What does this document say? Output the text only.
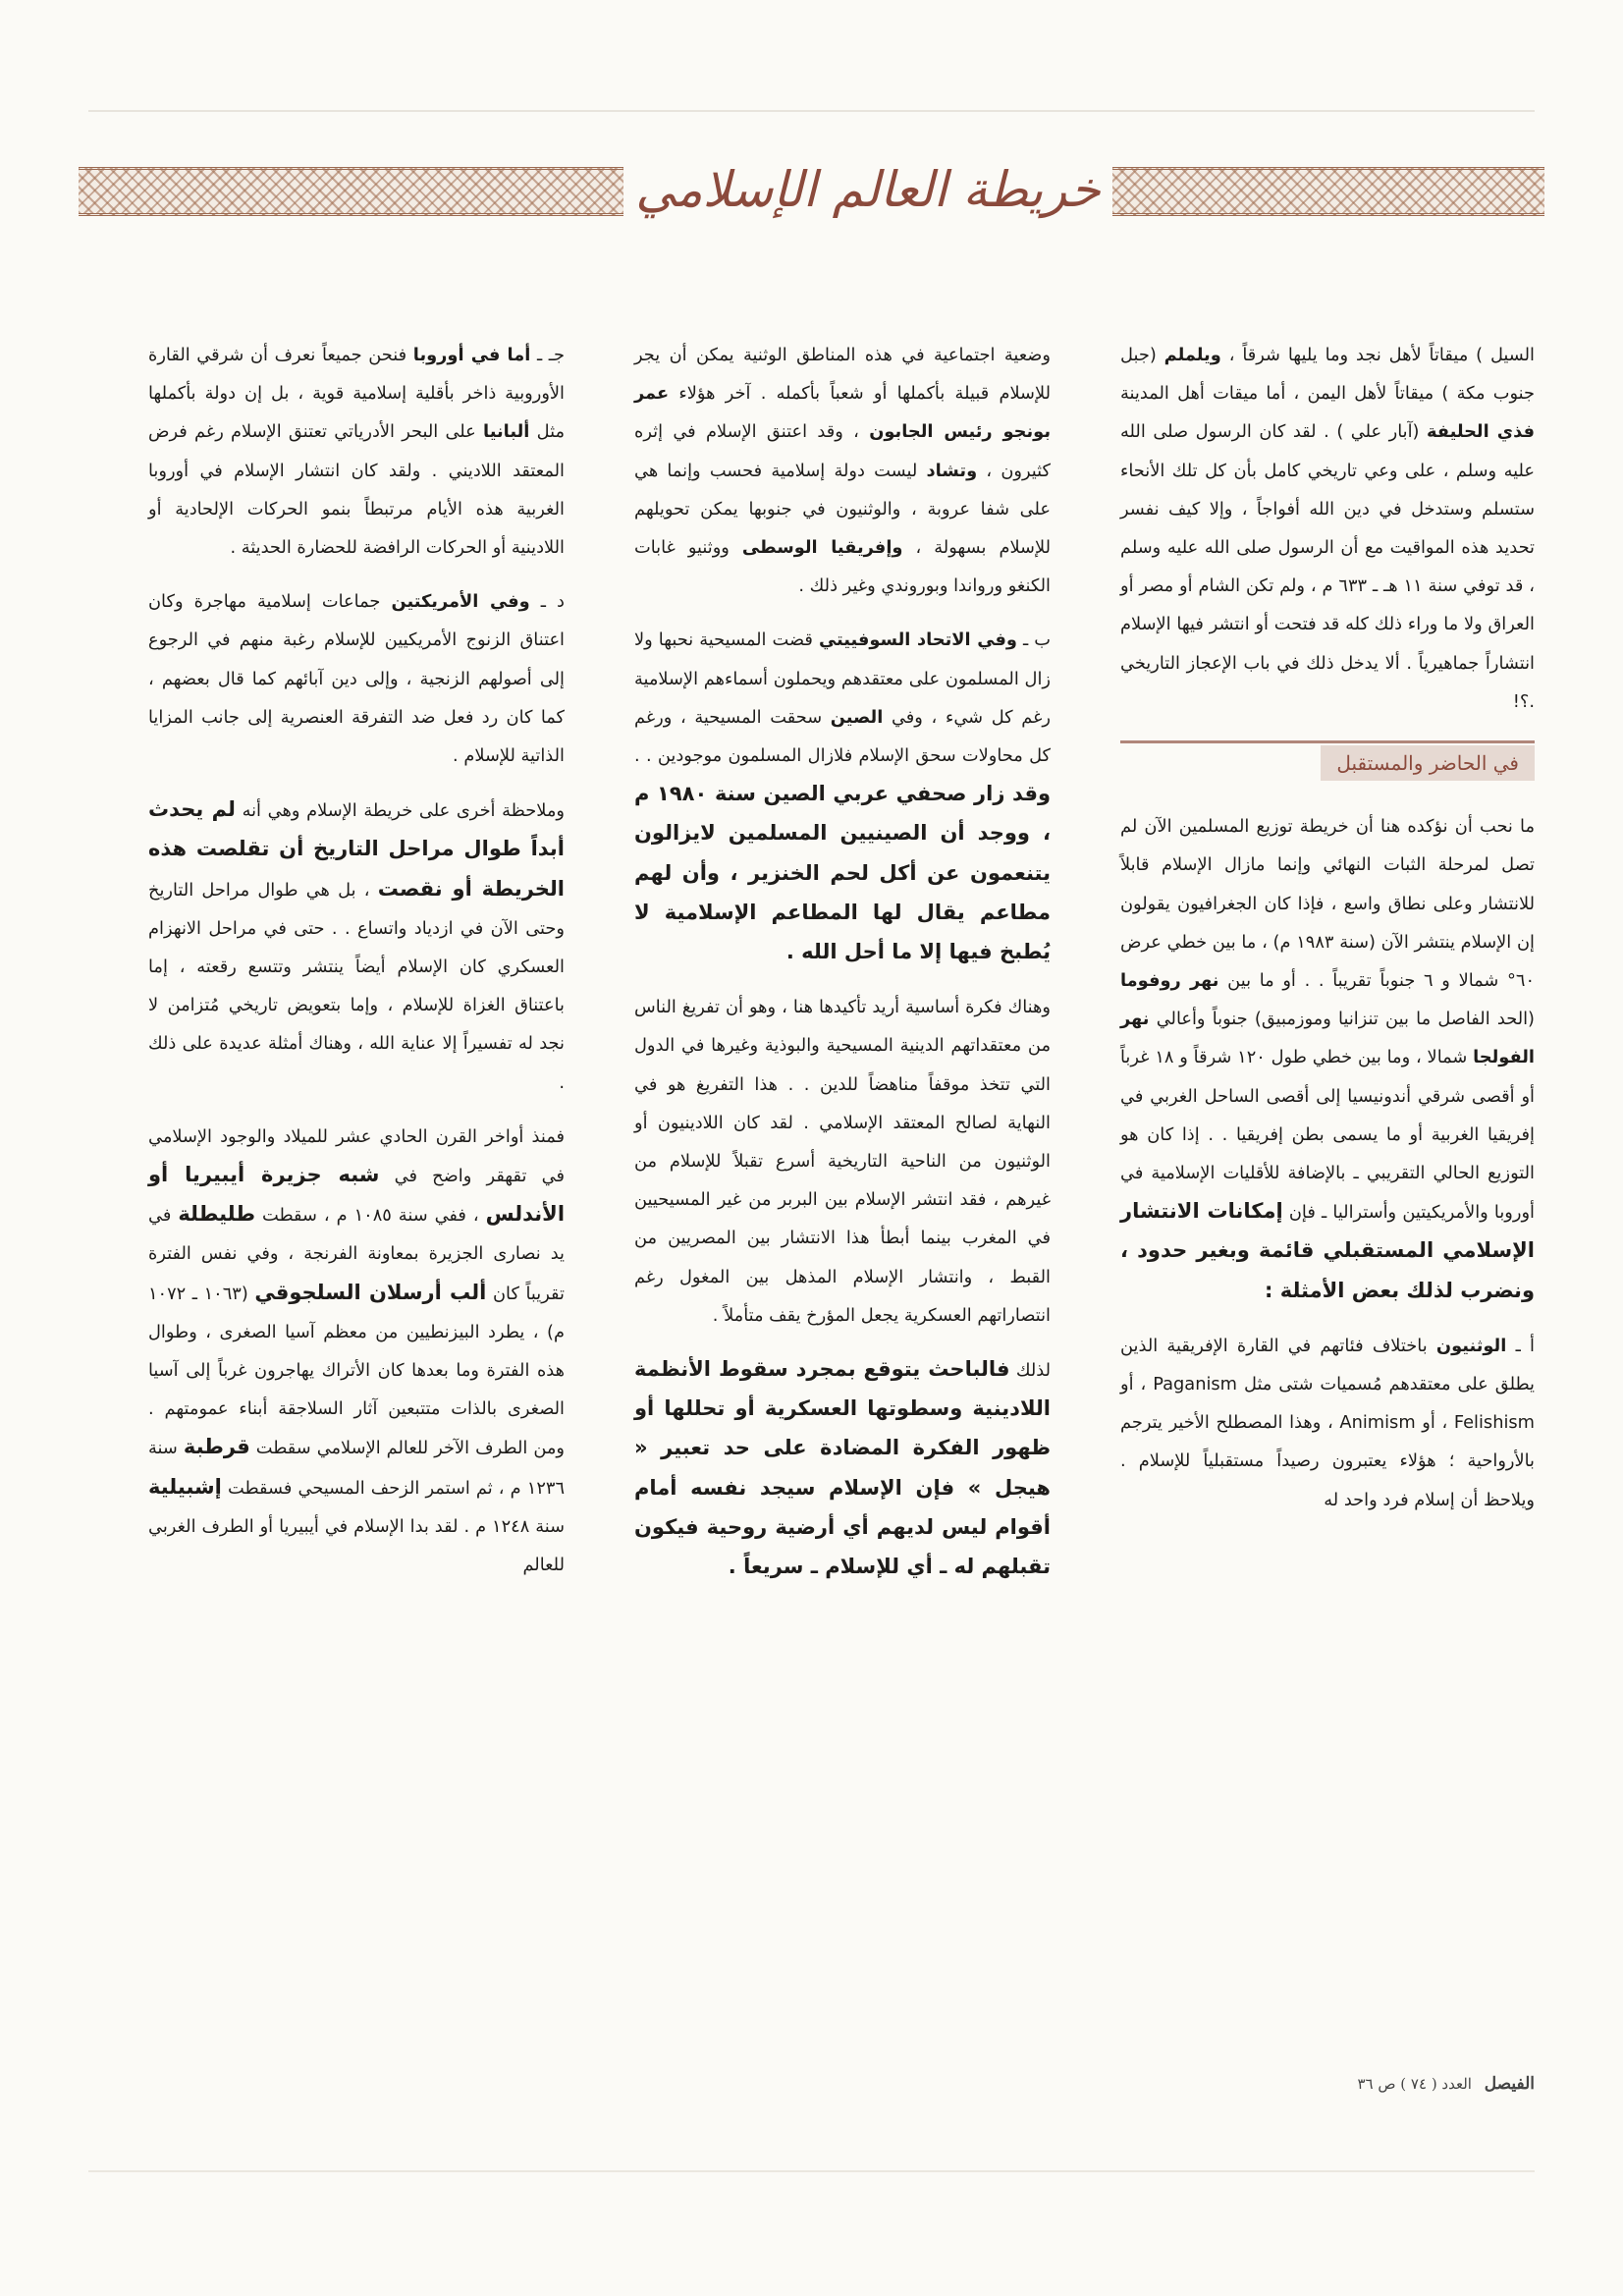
خريطة العالم الإسلامي

السيل ) ميقاتاً لأهل نجد وما يليها شرقاً ، ويلملم (جبل جنوب مكة ) ميقاتاً لأهل اليمن ، أما ميقات أهل المدينة فذي الحليفة (آبار علي ) . لقد كان الرسول صلى الله عليه وسلم ، على وعي تاريخي كامل بأن كل تلك الأنحاء ستسلم وستدخل في دين الله أفواجاً ، وإلا كيف نفسر تحديد هذه المواقيت مع أن الرسول صلى الله عليه وسلم ، قد توفي سنة ١١ هـ ـ ٦٣٣ م ، ولم تكن الشام أو مصر أو العراق ولا ما وراء ذلك كله قد فتحت أو انتشر فيها الإسلام انتشاراً جماهيرياً . ألا يدخل ذلك في باب الإعجاز التاريخي .؟!

في الحاضر والمستقبل

ما نحب أن نؤكده هنا أن خريطة توزيع المسلمين الآن لم تصل لمرحلة الثبات النهائي وإنما مازال الإسلام قابلاً للانتشار وعلى نطاق واسع ، فإذا كان الجغرافيون يقولون إن الإسلام ينتشر الآن (سنة ١٩٨٣ م) ، ما بين خطي عرض ٦٠° شمالا و ٦ جنوباً تقريباً . . أو ما بين نهر روفوما (الحد الفاصل ما بين تنزانيا وموزمبيق) جنوباً وأعالي نهر الفولجا شمالا ، وما بين خطي طول ١٢٠ شرقاً و ١٨ غرباً أو أقصى شرقي أندونيسيا إلى أقصى الساحل الغربي في إفريقيا الغربية أو ما يسمى بطن إفريقيا . . إذا كان هو التوزيع الحالي التقريبي ـ بالإضافة للأقليات الإسلامية في أوروبا والأمريكيتين وأستراليا ـ فإن إمكانات الانتشار الإسلامي المستقبلي قائمة وبغير حدود ، ونضرب لذلك بعض الأمثلة :

أ ـ الوثنيون باختلاف فئاتهم في القارة الإفريقية الذين يطلق على معتقدهم مُسميات شتى مثل Paganism ، أو Felishism ، أو Animism ، وهذا المصطلح الأخير يترجم بالأرواحية ؛ هؤلاء يعتبرون رصيداً مستقبلياً للإسلام . ويلاحظ أن إسلام فرد واحد له

وضعية اجتماعية في هذه المناطق الوثنية يمكن أن يجر للإسلام قبيلة بأكملها أو شعباً بأكمله . آخر هؤلاء عمر بونجو رئيس الجابون ، وقد اعتنق الإسلام في إثره كثيرون ، وتشاد ليست دولة إسلامية فحسب وإنما هي على شفا عروبة ، والوثنيون في جنوبها يمكن تحويلهم للإسلام بسهولة ، وإفريقيا الوسطى ووثنيو غابات الكنغو ورواندا وبوروندي وغير ذلك .

ب ـ وفي الاتحاد السوفييتي قضت المسيحية نحبها ولا زال المسلمون على معتقدهم ويحملون أسماءهم الإسلامية رغم كل شيء ، وفي الصين سحقت المسيحية ، ورغم كل محاولات سحق الإسلام فلازال المسلمون موجودين . . وقد زار صحفي عربي الصين سنة ١٩٨٠ م ، ووجد أن الصينيين المسلمين لايزالون يتنعمون عن أكل لحم الخنزير ، وأن لهم مطاعم يقال لها المطاعم الإسلامية لا يُطبخ فيها إلا ما أحل الله .

وهناك فكرة أساسية أريد تأكيدها هنا ، وهو أن تفريغ الناس من معتقداتهم الدينية المسيحية والبوذية وغيرها في الدول التي تتخذ موقفاً مناهضاً للدين . . هذا التفريغ هو في النهاية لصالح المعتقد الإسلامي . لقد كان اللادينيون أو الوثنيون من الناحية التاريخية أسرع تقبلاً للإسلام من غيرهم ، فقد انتشر الإسلام بين البربر من غير المسيحيين في المغرب بينما أبطأ هذا الانتشار بين المصريين من القبط ، وانتشار الإسلام المذهل بين المغول رغم انتصاراتهم العسكرية يجعل المؤرخ يقف متأملاً .

لذلك فالباحث يتوقع بمجرد سقوط الأنظمة اللادينية وسطوتها العسكرية أو تحللها أو ظهور الفكرة المضادة على حد تعبير « هيجل » فإن الإسلام سيجد نفسه أمام أقوام ليس لديهم أي أرضية روحية فيكون تقبلهم له ـ أي للإسلام ـ سريعاً .

جـ ـ أما في أوروبا فنحن جميعاً نعرف أن شرقي القارة الأوروبية ذاخر بأقلية إسلامية قوية ، بل إن دولة بأكملها مثل ألبانيا على البحر الأدرياتي تعتنق الإسلام رغم فرض المعتقد اللاديني . ولقد كان انتشار الإسلام في أوروبا الغربية هذه الأيام مرتبطاً بنمو الحركات الإلحادية أو اللادينية أو الحركات الرافضة للحضارة الحديثة .

د ـ وفي الأمريكتين جماعات إسلامية مهاجرة وكان اعتناق الزنوج الأمريكيين للإسلام رغبة منهم في الرجوع إلى أصولهم الزنجية ، وإلى دين آبائهم كما قال بعضهم ، كما كان رد فعل ضد التفرقة العنصرية إلى جانب المزايا الذاتية للإسلام .

وملاحظة أخرى على خريطة الإسلام وهي أنه لم يحدث أبداً طوال مراحل التاريخ أن تقلصت هذه الخريطة أو نقصت ، بل هي طوال مراحل التاريخ وحتى الآن في ازدياد واتساع . . حتى في مراحل الانهزام العسكري كان الإسلام أيضاً ينتشر وتتسع رقعته ، إما باعتناق الغزاة للإسلام ، وإما بتعويض تاريخي مُتزامن لا نجد له تفسيراً إلا عناية الله ، وهناك أمثلة عديدة على ذلك .

فمنذ أواخر القرن الحادي عشر للميلاد والوجود الإسلامي في تقهقر واضح في شبه جزيرة أيبيريا أو الأندلس ، ففي سنة ١٠٨٥ م ، سقطت طليطلة في يد نصارى الجزيرة بمعاونة الفرنجة ، وفي نفس الفترة تقريباً كان ألب أرسلان السلجوقي (١٠٦٣ ـ ١٠٧٢ م) ، يطرد البيزنطيين من معظم آسيا الصغرى ، وطوال هذه الفترة وما بعدها كان الأتراك يهاجرون غرباً إلى آسيا الصغرى بالذات متتبعين آثار السلاجقة أبناء عمومتهم . ومن الطرف الآخر للعالم الإسلامي سقطت قرطبة سنة ١٢٣٦ م ، ثم استمر الزحف المسيحي فسقطت إشبيلية سنة ١٢٤٨ م . لقد بدا الإسلام في أيبيريا أو الطرف الغربي للعالم

الفيصل العدد ( ٧٤ ) ص ٣٦
